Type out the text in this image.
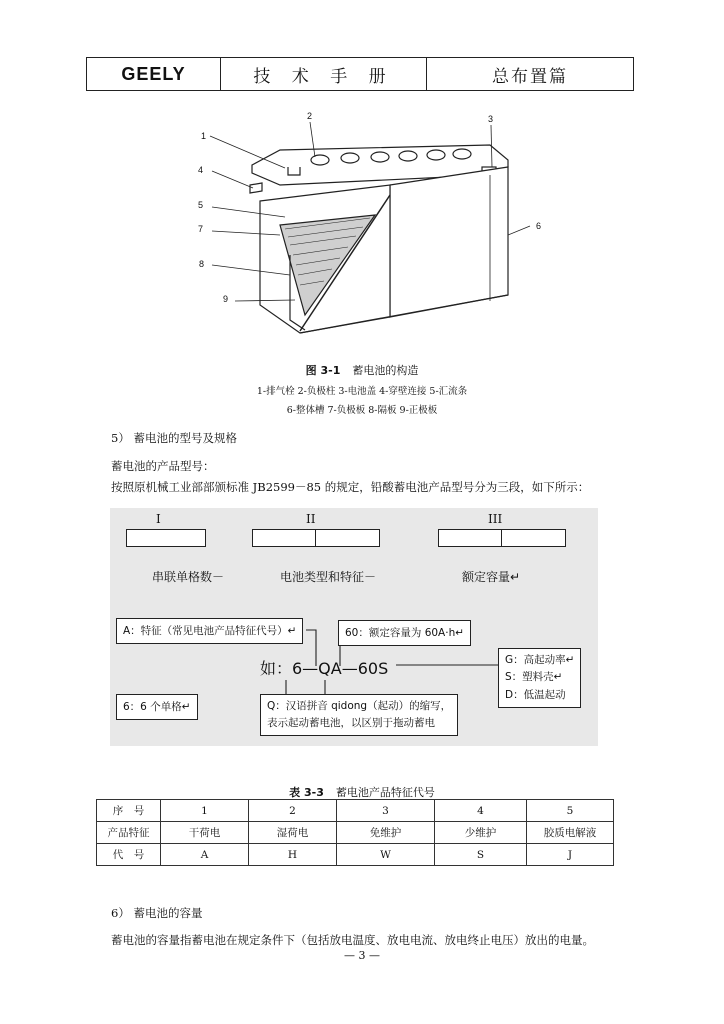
GEELY	技 术 手 册	总布置篇
1
2	3
4
5
6
7
8
9
图 3-1 蓄电池的构造
1-排气栓 2-负极柱 3-电池盖 4-穿壁连接 5-汇流条
6-整体槽 7-负极板 8-隔板 9-正极板
5） 蓄电池的型号及规格
蓄电池的产品型号：
按照原机械工业部部颁标准 JB2599－85 的规定，铅酸蓄电池产品型号分为三段，如下所示：
I	II	III
串联单格数－	电池类型和特征－	额定容量↵
A：特征（常见电池产品特征代号）↵	60：额定容量为 60A·h↵
如：6—QA—60S	G：高起动率↵
S：塑料壳↵
D：低温起动
6：6 个单格↵	Q：汉语拼音 qidong（起动）的缩写，
表示起动蓄电池，以区别于拖动蓄电
表 3-3 蓄电池产品特征代号
序　号	1	2	3	4	5
产品特征	干荷电	湿荷电	免维护	少维护	胶质电解液
代　号	A	H	W	S	J
6） 蓄电池的容量
蓄电池的容量指蓄电池在规定条件下（包括放电温度、放电电流、放电终止电压）放出的电量。
— 3 —
